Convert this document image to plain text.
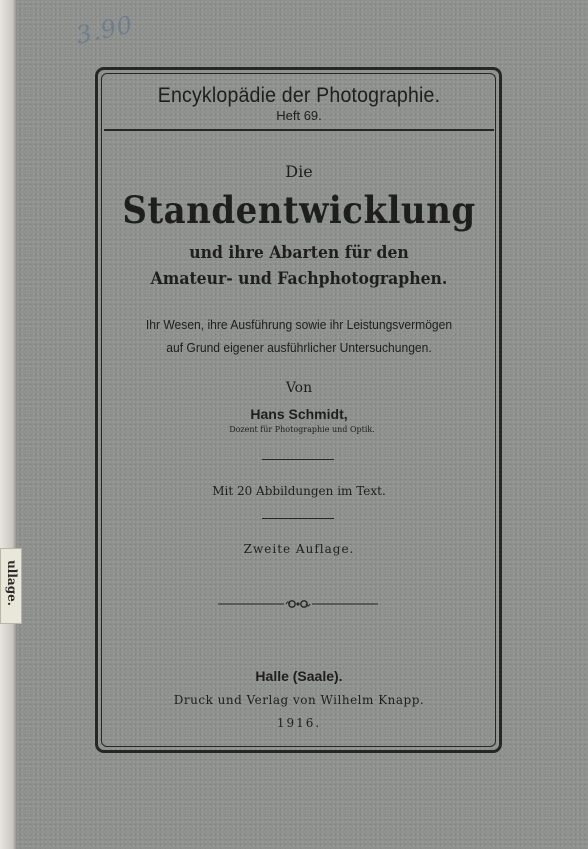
ullage.
3.90
Encyklopädie der Photographie.
Heft 69.
Die
Standentwicklung
und ihre Abarten für den
Amateur- und Fachphotographen.
Ihr Wesen, ihre Ausführung sowie ihr Leistungsvermögen
auf Grund eigener ausführlicher Untersuchungen.
Von
Hans Schmidt,
Dozent für Photographie und Optik.
Mit 20 Abbildungen im Text.
Zweite Auflage.
Halle (Saale).
Druck und Verlag von Wilhelm Knapp.
1916.
